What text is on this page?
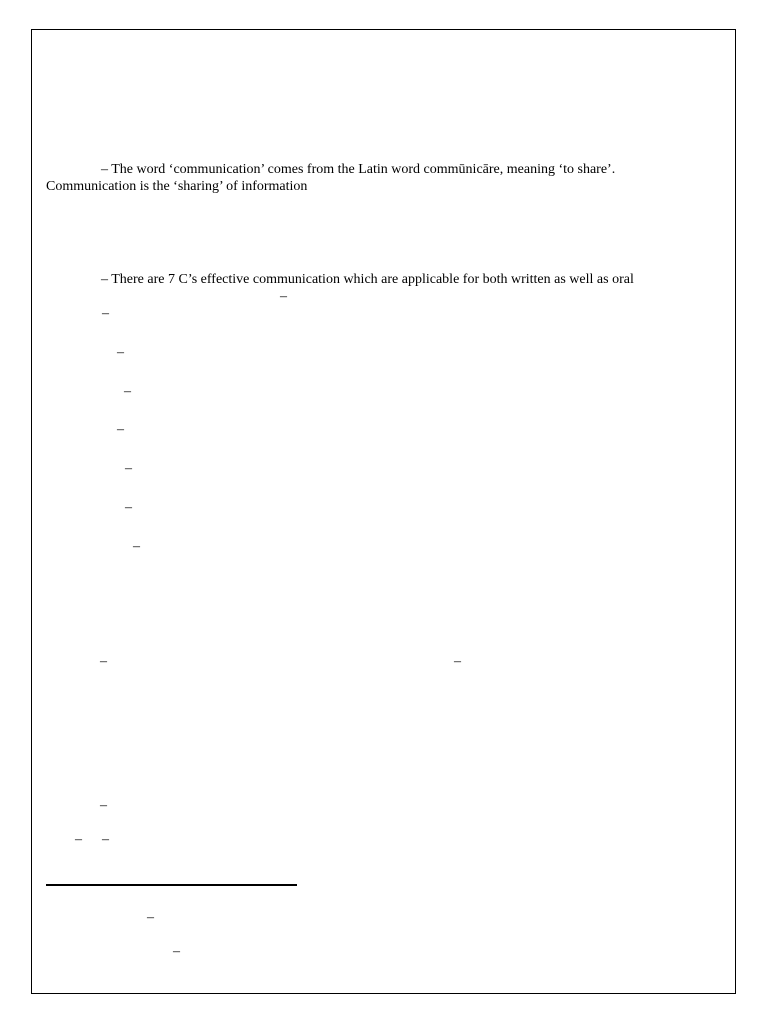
– The word ‘communication’ comes from the Latin word commūnicāre, meaning ‘to share’.
Communication is the ‘sharing’ of information
– There are 7 C’s effective communication which are applicable for both written as well as oral
–
–
–
–
–
–
–
–
–	–
–
– –
–
–
